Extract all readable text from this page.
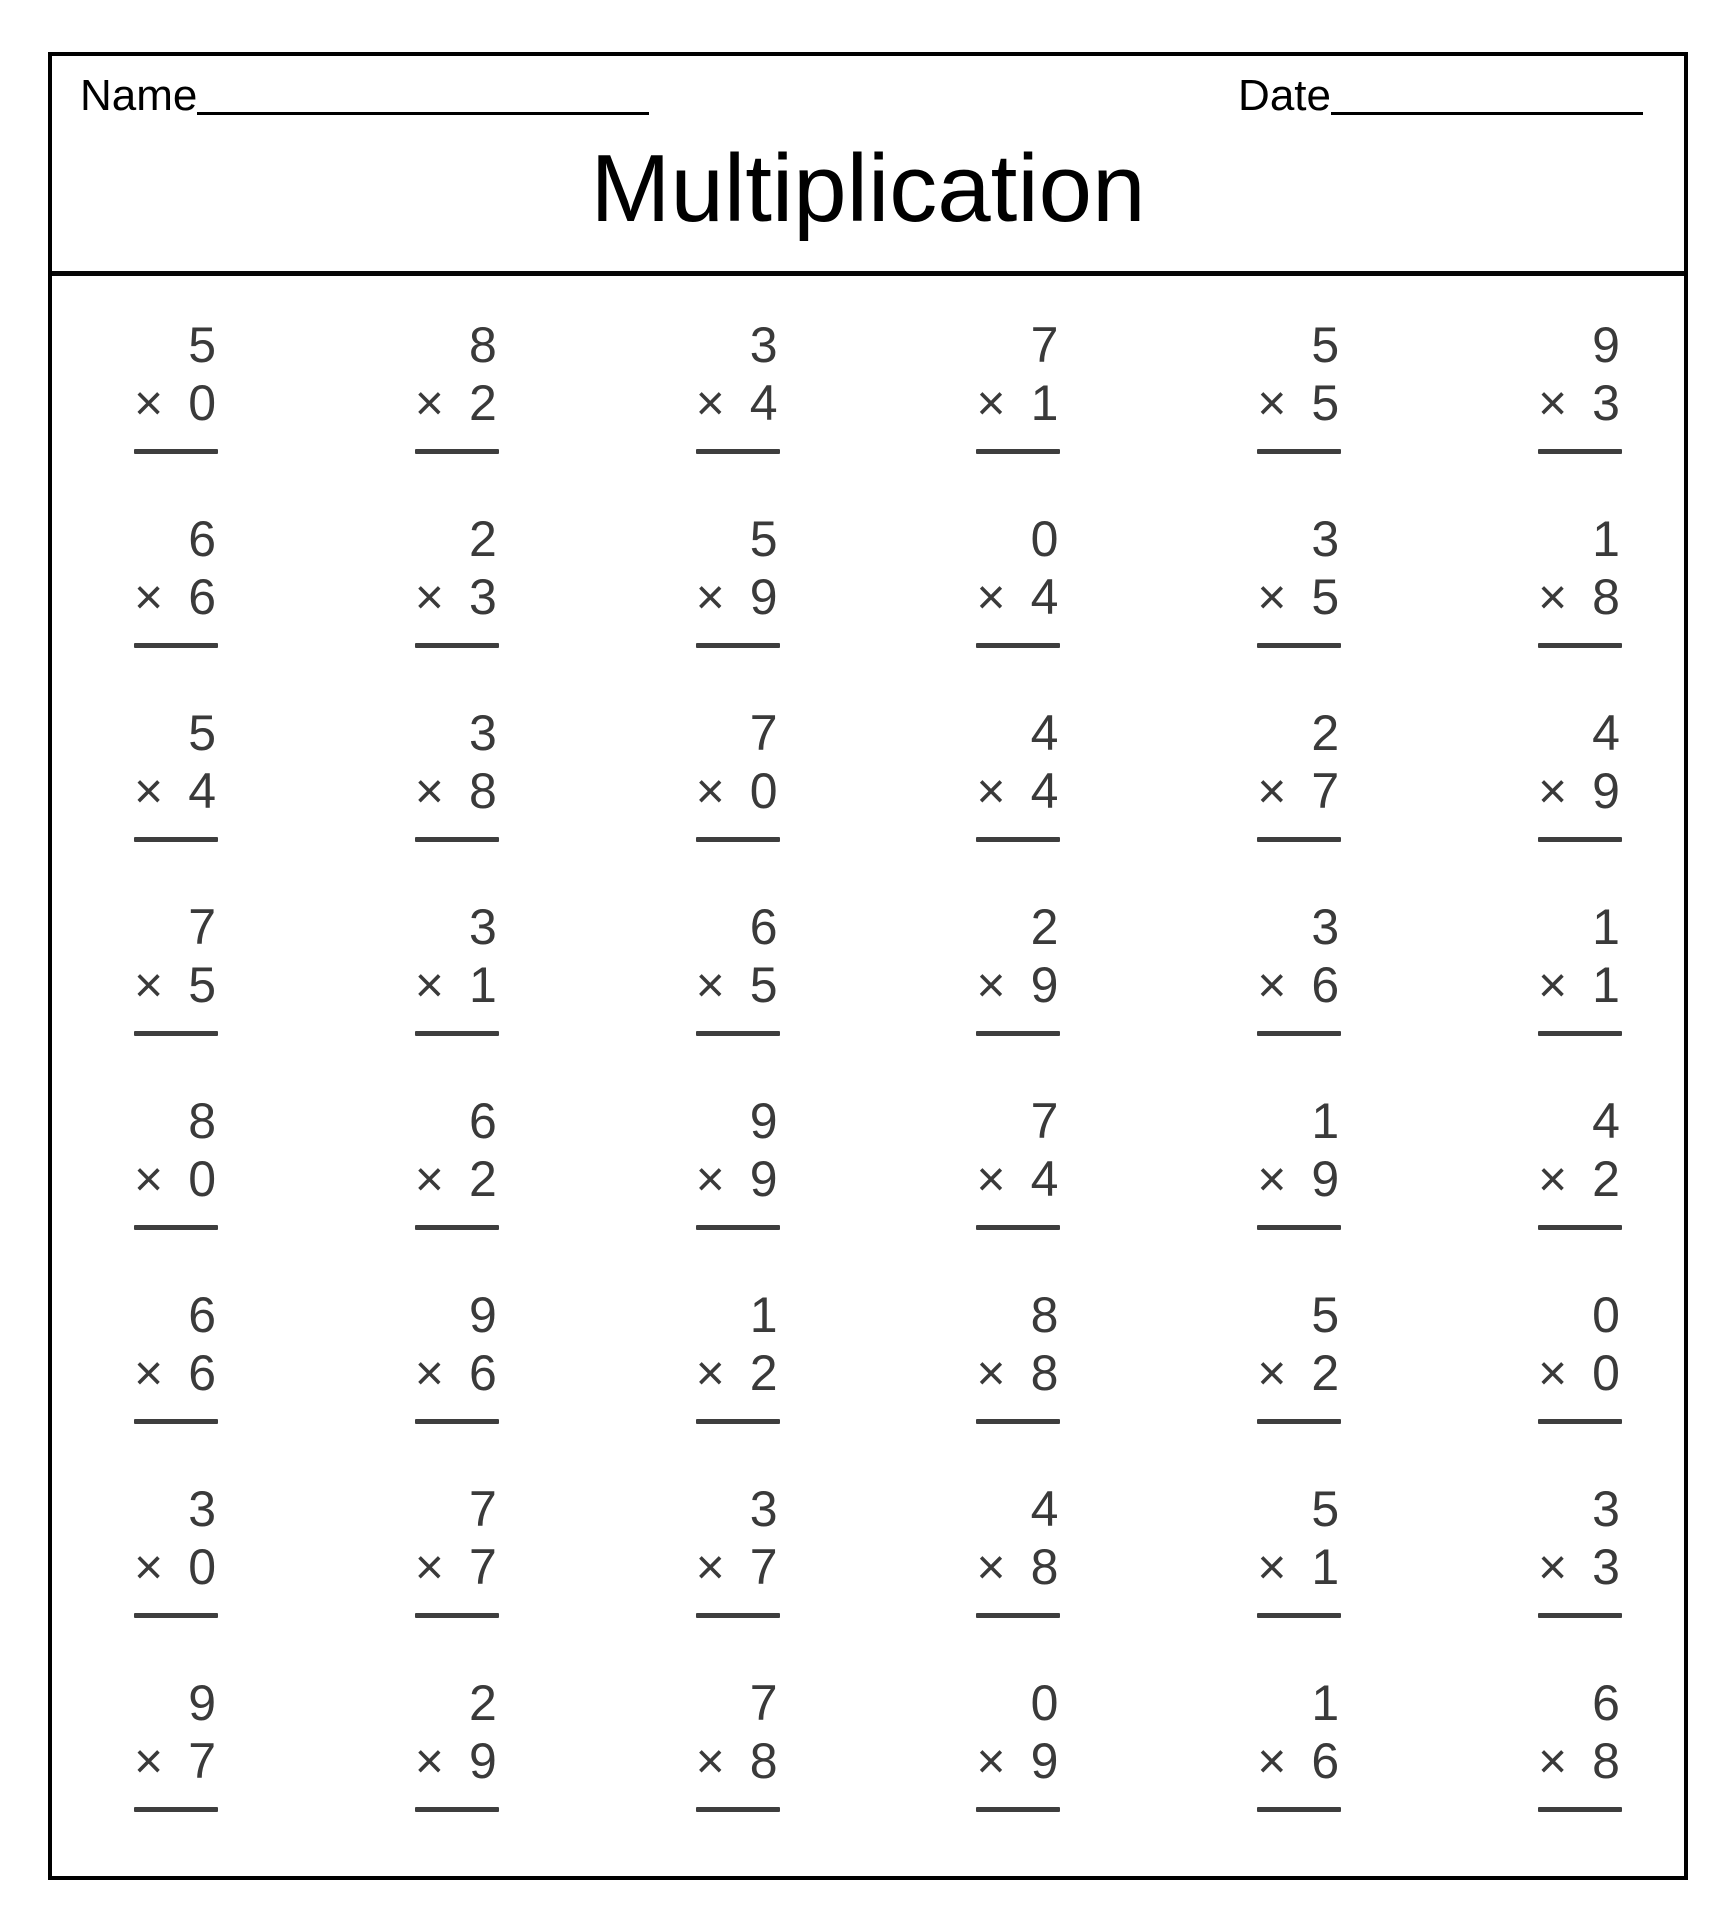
Name	Date
Multiplication
5
× 0
8
× 2
3
× 4
7
× 1
5
× 5
9
× 3
6
× 6
2
× 3
5
× 9
0
× 4
3
× 5
1
× 8
5
× 4
3
× 8
7
× 0
4
× 4
2
× 7
4
× 9
7
× 5
3
× 1
6
× 5
2
× 9
3
× 6
1
× 1
8
× 0
6
× 2
9
× 9
7
× 4
1
× 9
4
× 2
6
× 6
9
× 6
1
× 2
8
× 8
5
× 2
0
× 0
3
× 0
7
× 7
3
× 7
4
× 8
5
× 1
3
× 3
9
× 7
2
× 9
7
× 8
0
× 9
1
× 6
6
× 8
